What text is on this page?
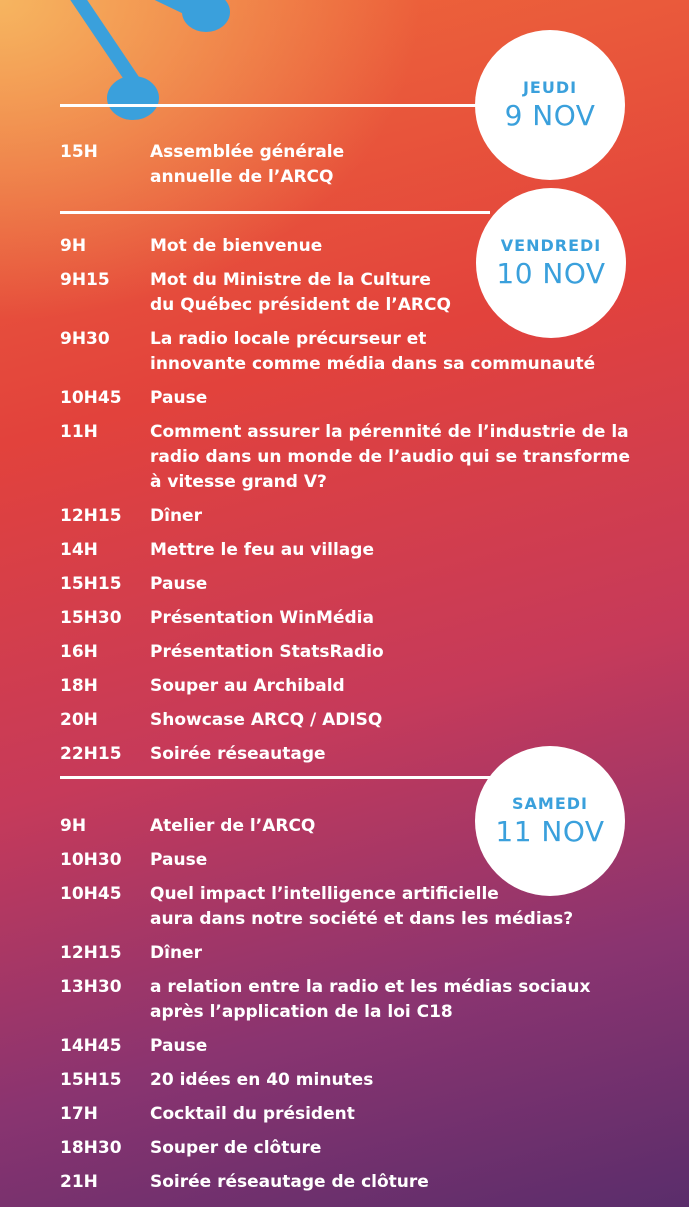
JEUDI
9 NOV
15H	Assemblée générale
annuelle de l’ARCQ
VENDREDI
10 NOV
9H	Mot de bienvenue
9H15	Mot du Ministre de la Culture
du Québec président de l’ARCQ
9H30	La radio locale précurseur et
innovante comme média dans sa communauté
10H45	Pause
11H	Comment assurer la pérennité de l’industrie de la
radio dans un monde de l’audio qui se transforme
à vitesse grand V?
12H15	Dîner
14H	Mettre le feu au village
15H15	Pause
15H30	Présentation WinMédia
16H	Présentation StatsRadio
18H	Souper au Archibald
20H	Showcase ARCQ / ADISQ
22H15	Soirée réseautage
SAMEDI
11 NOV
9H	Atelier de l’ARCQ
10H30	Pause
10H45	Quel impact l’intelligence artificielle
aura dans notre société et dans les médias?
12H15	Dîner
13H30	a relation entre la radio et les médias sociaux
après l’application de la loi C18
14H45	Pause
15H15	20 idées en 40 minutes
17H	Cocktail du président
18H30	Souper de clôture
21H	Soirée réseautage de clôture
